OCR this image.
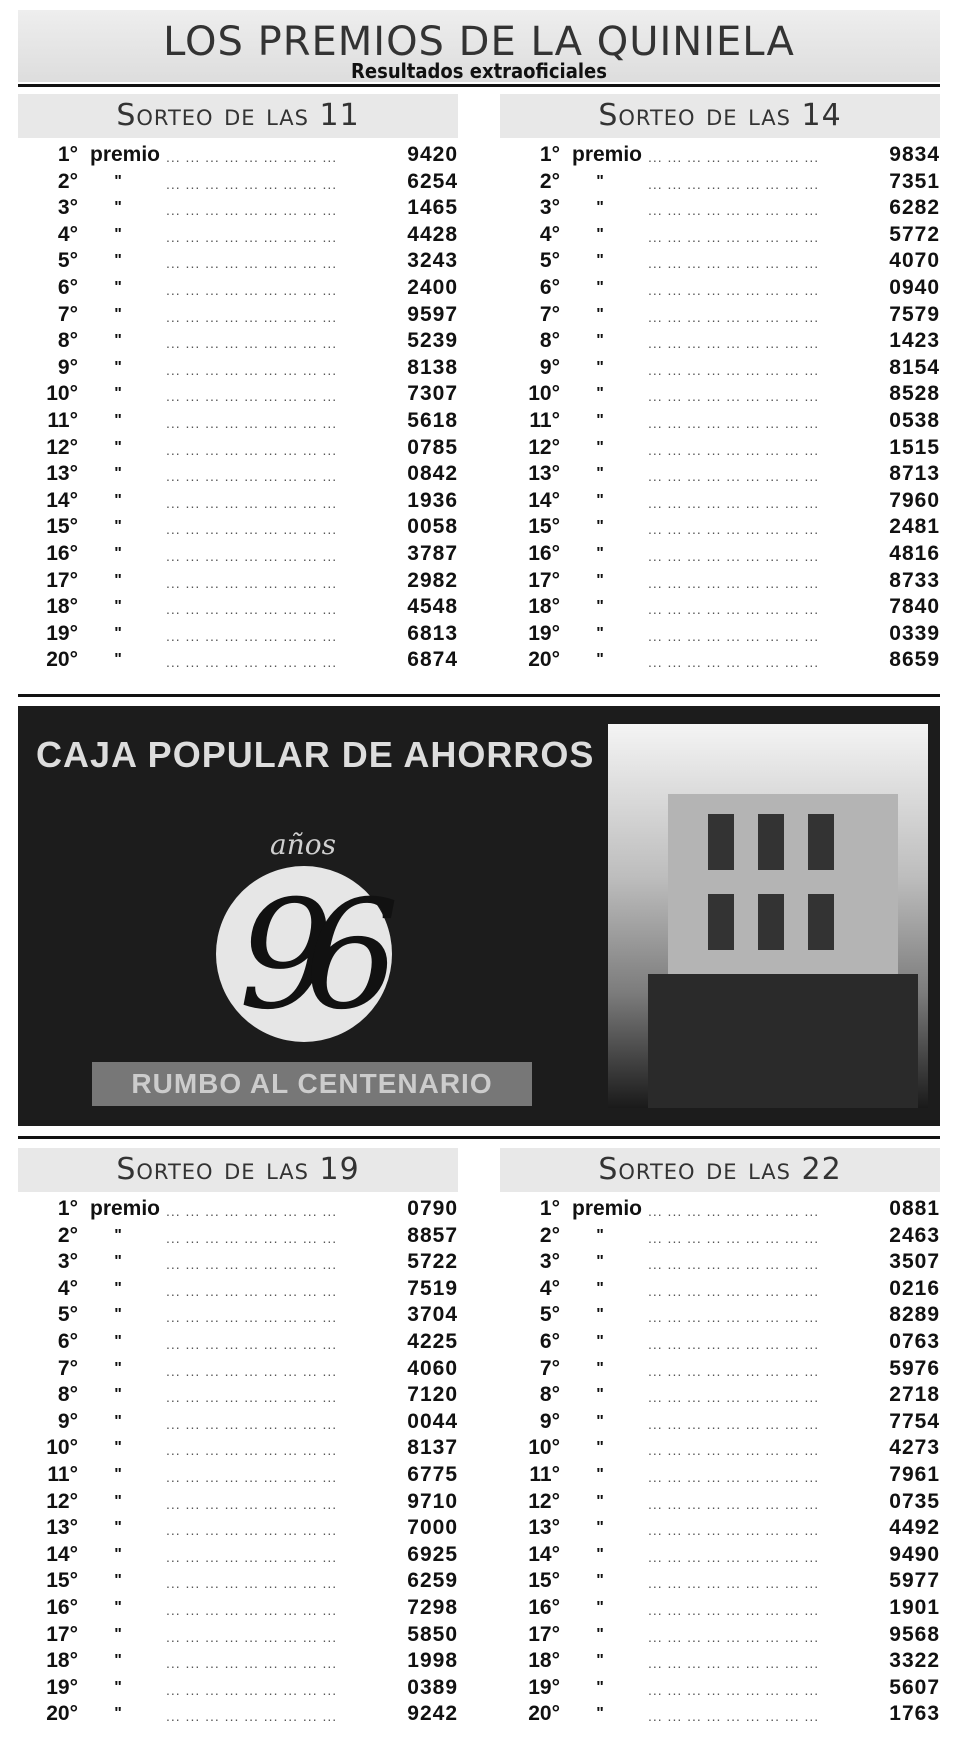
LOS PREMIOS DE LA QUINIELA
Resultados extraoficiales
Sorteo de las 11
1° premio ... ... ... ... ... ... ... ... ...	9420
2°	"	... ... ... ... ... ... ... ... ...	6254
3°	"	... ... ... ... ... ... ... ... ...	1465
4°	"	... ... ... ... ... ... ... ... ...	4428
5°	"	... ... ... ... ... ... ... ... ...	3243
6°	"	... ... ... ... ... ... ... ... ...	2400
7°	"	... ... ... ... ... ... ... ... ...	9597
8°	"	... ... ... ... ... ... ... ... ...	5239
9°	"	... ... ... ... ... ... ... ... ...	8138
10°	"	... ... ... ... ... ... ... ... ...	7307
11°	"	... ... ... ... ... ... ... ... ...	5618
12°	"	... ... ... ... ... ... ... ... ...	0785
13°	"	... ... ... ... ... ... ... ... ...	0842
14°	"	... ... ... ... ... ... ... ... ...	1936
15°	"	... ... ... ... ... ... ... ... ...	0058
16°	"	... ... ... ... ... ... ... ... ...	3787
17°	"	... ... ... ... ... ... ... ... ...	2982
18°	"	... ... ... ... ... ... ... ... ...	4548
19°	"	... ... ... ... ... ... ... ... ...	6813
20°	"	... ... ... ... ... ... ... ... ...	6874
Sorteo de las 14
1° premio ... ... ... ... ... ... ... ... ...	9834
2°	"	... ... ... ... ... ... ... ... ...	7351
3°	"	... ... ... ... ... ... ... ... ...	6282
4°	"	... ... ... ... ... ... ... ... ...	5772
5°	"	... ... ... ... ... ... ... ... ...	4070
6°	"	... ... ... ... ... ... ... ... ...	0940
7°	"	... ... ... ... ... ... ... ... ...	7579
8°	"	... ... ... ... ... ... ... ... ...	1423
9°	"	... ... ... ... ... ... ... ... ...	8154
10°	"	... ... ... ... ... ... ... ... ...	8528
11°	"	... ... ... ... ... ... ... ... ...	0538
12°	"	... ... ... ... ... ... ... ... ...	1515
13°	"	... ... ... ... ... ... ... ... ...	8713
14°	"	... ... ... ... ... ... ... ... ...	7960
15°	"	... ... ... ... ... ... ... ... ...	2481
16°	"	... ... ... ... ... ... ... ... ...	4816
17°	"	... ... ... ... ... ... ... ... ...	8733
18°	"	... ... ... ... ... ... ... ... ...	7840
19°	"	... ... ... ... ... ... ... ... ...	0339
20°	"	... ... ... ... ... ... ... ... ...	8659
CAJA POPULAR DE AHORROS
años
96
RUMBO AL CENTENARIO
Sorteo de las 19
1° premio ... ... ... ... ... ... ... ... ...	0790
2°	"	... ... ... ... ... ... ... ... ...	8857
3°	"	... ... ... ... ... ... ... ... ...	5722
4°	"	... ... ... ... ... ... ... ... ...	7519
5°	"	... ... ... ... ... ... ... ... ...	3704
6°	"	... ... ... ... ... ... ... ... ...	4225
7°	"	... ... ... ... ... ... ... ... ...	4060
8°	"	... ... ... ... ... ... ... ... ...	7120
9°	"	... ... ... ... ... ... ... ... ...	0044
10°	"	... ... ... ... ... ... ... ... ...	8137
11°	"	... ... ... ... ... ... ... ... ...	6775
12°	"	... ... ... ... ... ... ... ... ...	9710
13°	"	... ... ... ... ... ... ... ... ...	7000
14°	"	... ... ... ... ... ... ... ... ...	6925
15°	"	... ... ... ... ... ... ... ... ...	6259
16°	"	... ... ... ... ... ... ... ... ...	7298
17°	"	... ... ... ... ... ... ... ... ...	5850
18°	"	... ... ... ... ... ... ... ... ...	1998
19°	"	... ... ... ... ... ... ... ... ...	0389
20°	"	... ... ... ... ... ... ... ... ...	9242
Sorteo de las 22
1° premio ... ... ... ... ... ... ... ... ...	0881
2°	"	... ... ... ... ... ... ... ... ...	2463
3°	"	... ... ... ... ... ... ... ... ...	3507
4°	"	... ... ... ... ... ... ... ... ...	0216
5°	"	... ... ... ... ... ... ... ... ...	8289
6°	"	... ... ... ... ... ... ... ... ...	0763
7°	"	... ... ... ... ... ... ... ... ...	5976
8°	"	... ... ... ... ... ... ... ... ...	2718
9°	"	... ... ... ... ... ... ... ... ...	7754
10°	"	... ... ... ... ... ... ... ... ...	4273
11°	"	... ... ... ... ... ... ... ... ...	7961
12°	"	... ... ... ... ... ... ... ... ...	0735
13°	"	... ... ... ... ... ... ... ... ...	4492
14°	"	... ... ... ... ... ... ... ... ...	9490
15°	"	... ... ... ... ... ... ... ... ...	5977
16°	"	... ... ... ... ... ... ... ... ...	1901
17°	"	... ... ... ... ... ... ... ... ...	9568
18°	"	... ... ... ... ... ... ... ... ...	3322
19°	"	... ... ... ... ... ... ... ... ...	5607
20°	"	... ... ... ... ... ... ... ... ...	1763
